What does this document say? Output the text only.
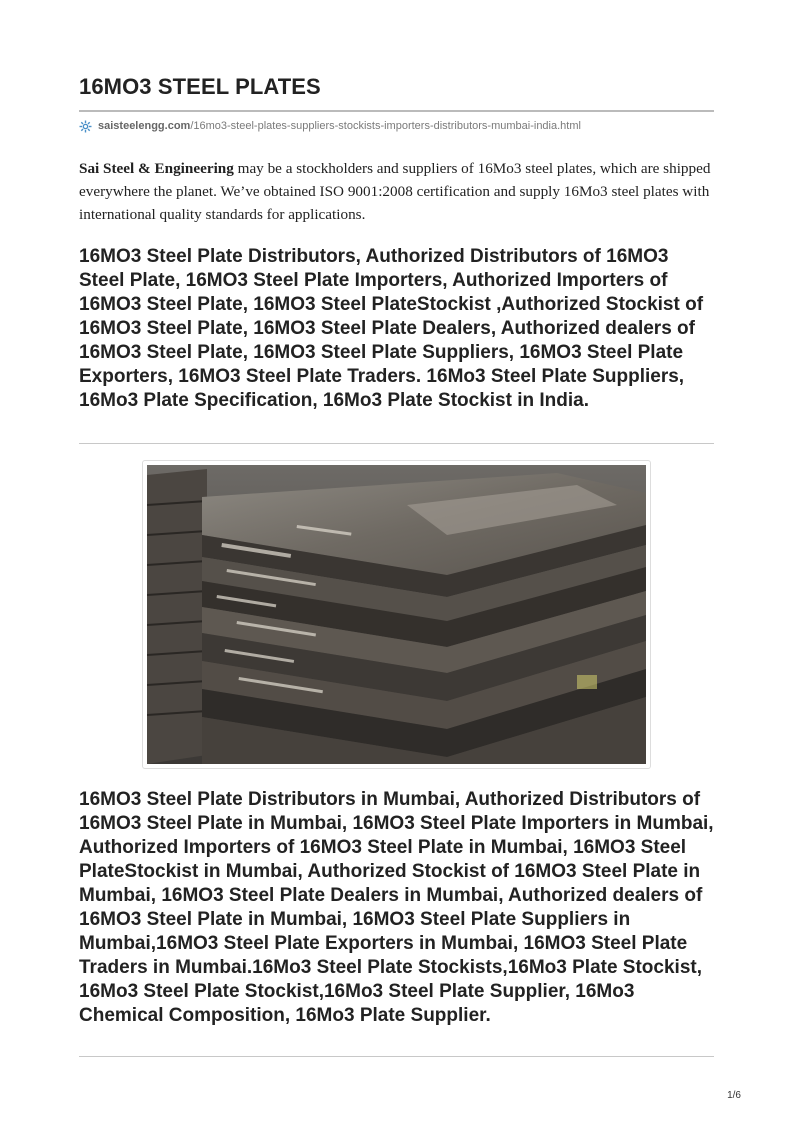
16MO3 STEEL PLATES
saisteelengg.com /16mo3-steel-plates-suppliers-stockists-importers-distributors-mumbai-india.html

Sai Steel & Engineering may be a stockholders and suppliers of 16Mo3 steel plates, which are shipped everywhere the planet. We’ve obtained ISO 9001:2008 certification and supply 16Mo3 steel plates with international quality standards for applications.

16MO3 Steel Plate Distributors, Authorized Distributors of 16MO3 Steel Plate, 16MO3 Steel Plate Importers, Authorized Importers of 16MO3 Steel Plate, 16MO3 Steel PlateStockist ,Authorized Stockist of 16MO3 Steel Plate, 16MO3 Steel Plate Dealers, Authorized dealers of 16MO3 Steel Plate, 16MO3 Steel Plate Suppliers, 16MO3 Steel Plate Exporters, 16MO3 Steel Plate Traders. 16Mo3 Steel Plate Suppliers, 16Mo3 Plate Specification, 16Mo3 Plate Stockist in India.
16MO3 Steel Plate Distributors in Mumbai, Authorized Distributors of 16MO3 Steel Plate in Mumbai, 16MO3 Steel Plate Importers in Mumbai, Authorized Importers of 16MO3 Steel Plate in Mumbai, 16MO3 Steel PlateStockist in Mumbai, Authorized Stockist of 16MO3 Steel Plate in Mumbai, 16MO3 Steel Plate Dealers in Mumbai, Authorized dealers of 16MO3 Steel Plate in Mumbai, 16MO3 Steel Plate Suppliers in Mumbai,16MO3 Steel Plate Exporters in Mumbai, 16MO3 Steel Plate Traders in Mumbai.16Mo3 Steel Plate Stockists,16Mo3 Plate Stockist, 16Mo3 Steel Plate Stockist,16Mo3 Steel Plate Supplier, 16Mo3 Chemical Composition, 16Mo3 Plate Supplier.
1/6
